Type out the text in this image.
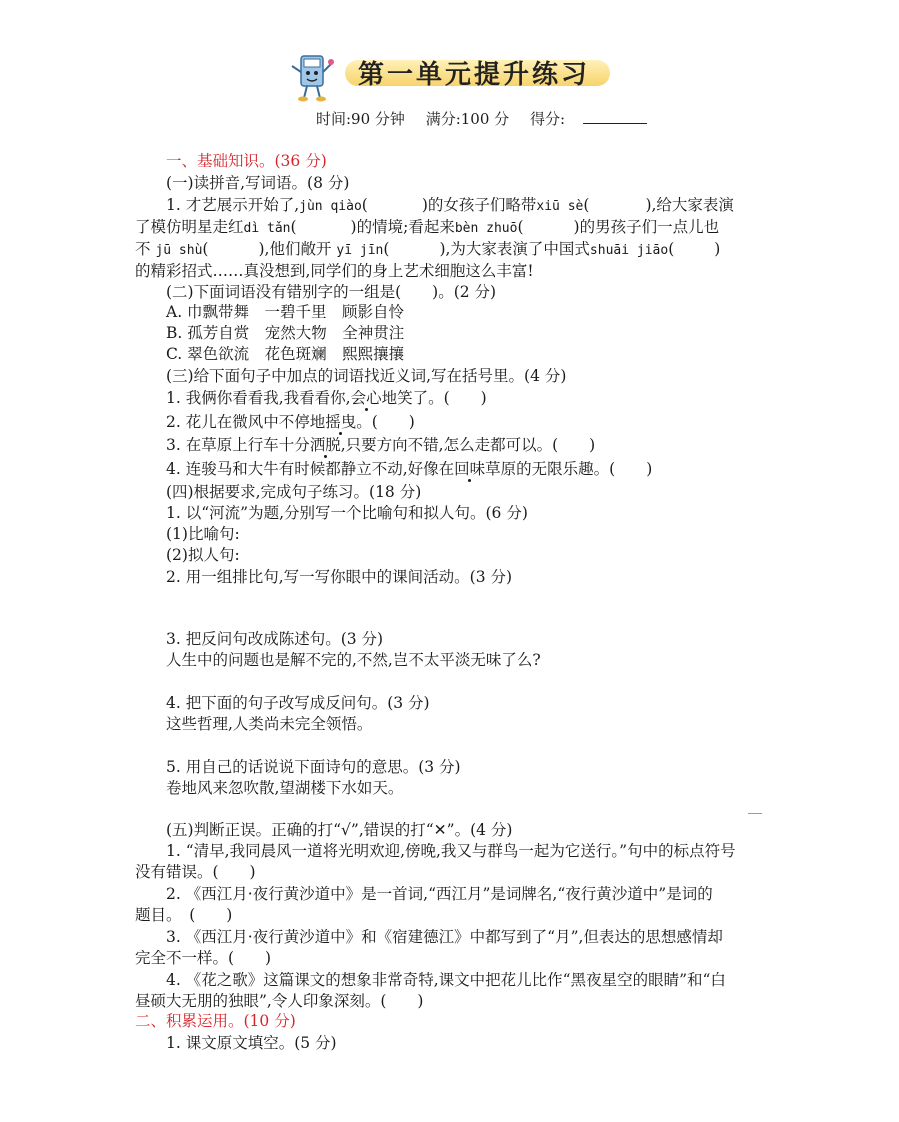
第一单元提升练习
时间:90 分钟 满分:100 分 得分:
一、基础知识。(36 分)
(一)读拼音,写词语。(8 分)
1. 才艺展示开始了,jùn qiào(	)的女孩子们略带xiū sè(	),给大家表演
了模仿明星走红dì tǎn(	)的情境;看起来bèn zhuō(	)的男孩子们一点儿也
不 jū shù(	),他们敞开 yī jīn(	),为大家表演了中国式shuāi jiāo(	)
的精彩招式……真没想到,同学们的身上艺术细胞这么丰富!
(二)下面词语没有错别字的一组是(　　)。(2 分)
A. 巾飘带舞　一碧千里　顾影自怜
B. 孤芳自赏　宠然大物　全神贯注
C. 翠色欲流　花色斑斓　熙熙攘攘
(三)给下面句子中加点的词语找近义词,写在括号里。(4 分)
1. 我俩你看看我,我看看你,会心地笑了。(　　)
2. 花儿在微风中不停地摇曳。(　　)
3. 在草原上行车十分洒脱,只要方向不错,怎么走都可以。(　　)
4. 连骏马和大牛有时候都静立不动,好像在回味草原的无限乐趣。(　　)
(四)根据要求,完成句子练习。(18 分)
1. 以“河流”为题,分别写一个比喻句和拟人句。(6 分)
(1)比喻句:
(2)拟人句:
2. 用一组排比句,写一写你眼中的课间活动。(3 分)
3. 把反问句改成陈述句。(3 分)
人生中的问题也是解不完的,不然,岂不太平淡无味了么?
4. 把下面的句子改写成反问句。(3 分)
这些哲理,人类尚未完全领悟。
5. 用自己的话说说下面诗句的意思。(3 分)
卷地风来忽吹散,望湖楼下水如天。
(五)判断正误。正确的打“√”,错误的打“✕”。(4 分)
1. “清早,我同晨风一道将光明欢迎,傍晚,我又与群鸟一起为它送行。”句中的标点符号
没有错误。(　　)
2. 《西江月·夜行黄沙道中》是一首词,“西江月”是词牌名,“夜行黄沙道中”是词的
题目。　(　　)
3. 《西江月·夜行黄沙道中》和《宿建德江》中都写到了“月”,但表达的思想感情却
完全不一样。(　　)
4. 《花之歌》这篇课文的想象非常奇特,课文中把花儿比作“黑夜星空的眼睛”和“白
昼硕大无朋的独眼”,令人印象深刻。(　　)
二、积累运用。(10 分)
1. 课文原文填空。(5 分)
